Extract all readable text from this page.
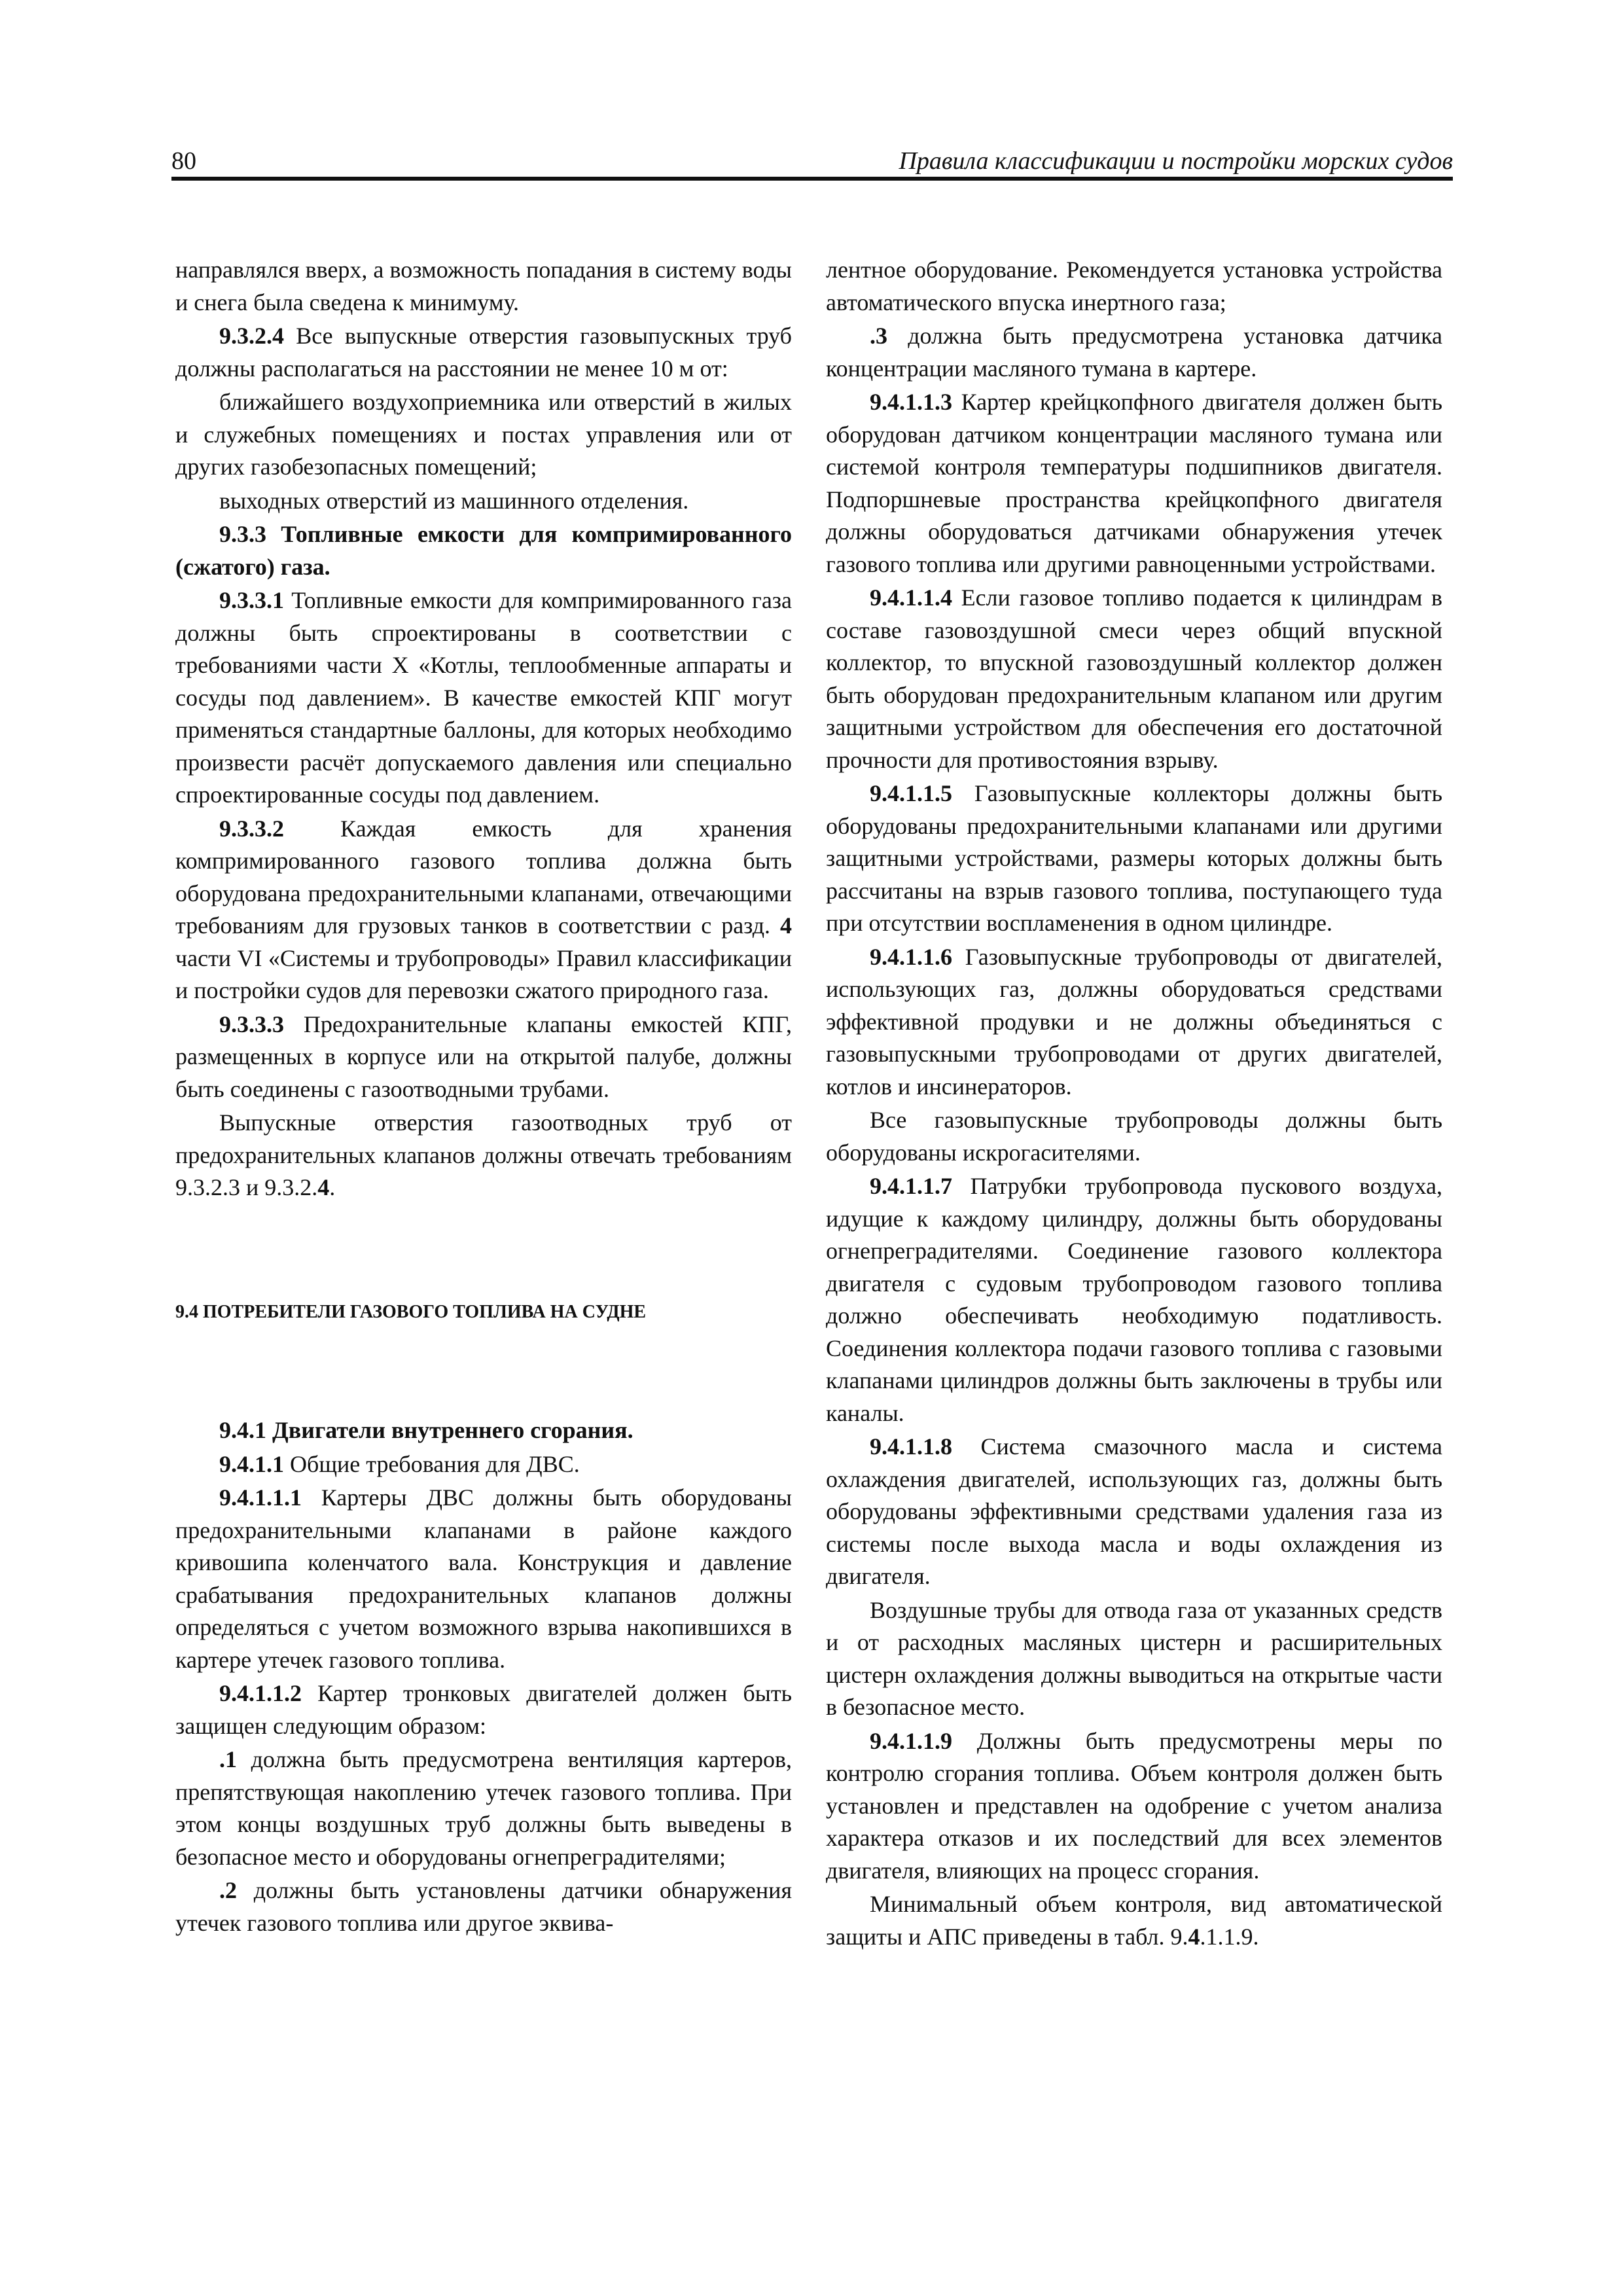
80	Правила классификации и постройки морских судов

направлялся вверх, а возможность попадания в систему воды и снега была сведена к минимуму.

9.3.2.4 Все выпускные отверстия газовыпускных труб должны располагаться на расстоянии не менее 10 м от:

ближайшего воздухоприемника или отверстий в жилых и служебных помещениях и постах управления или от других газобезопасных помещений;

выходных отверстий из машинного отделения.

9.3.3 Топливные емкости для компримированного (сжатого) газа.

9.3.3.1 Топливные емкости для компримированного газа должны быть спроектированы в соответствии с требованиями части X «Котлы, теплообменные аппараты и сосуды под давлением». В качестве емкостей КПГ могут применяться стандартные баллоны, для которых необходимо произвести расчёт допускаемого давления или специально спроектированные сосуды под давлением.

9.3.3.2 Каждая емкость для хранения компримированного газового топлива должна быть оборудована предохранительными клапанами, отвечающими требованиям для грузовых танков в соответствии с разд. 4 части VI «Системы и трубопроводы» Правил классификации и постройки судов для перевозки сжатого природного газа.

9.3.3.3 Предохранительные клапаны емкостей КПГ, размещенных в корпусе или на открытой палубе, должны быть соединены с газоотводными трубами.

Выпускные отверстия газоотводных труб от предохранительных клапанов должны отвечать требованиям 9.3.2.3 и 9.3.2.4.

9.4 ПОТРЕБИТЕЛИ ГАЗОВОГО ТОПЛИВА НА СУДНЕ

9.4.1 Двигатели внутреннего сгорания.

9.4.1.1 Общие требования для ДВС.

9.4.1.1.1 Картеры ДВС должны быть оборудованы предохранительными клапанами в районе каждого кривошипа коленчатого вала. Конструкция и давление срабатывания предохранительных клапанов должны определяться с учетом возможного взрыва накопившихся в картере утечек газового топлива.

9.4.1.1.2 Картер тронковых двигателей должен быть защищен следующим образом:

.1 должна быть предусмотрена вентиляция картеров, препятствующая накоплению утечек газового топлива. При этом концы воздушных труб должны быть выведены в безопасное место и оборудованы огнепреградителями;

.2 должны быть установлены датчики обнаружения утечек газового топлива или другое эквива-

лентное оборудование. Рекомендуется установка устройства автоматического впуска инертного газа;

.3 должна быть предусмотрена установка датчика концентрации масляного тумана в картере.

9.4.1.1.3 Картер крейцкопфного двигателя должен быть оборудован датчиком концентрации масляного тумана или системой контроля температуры подшипников двигателя. Подпоршневые пространства крейцкопфного двигателя должны оборудоваться датчиками обнаружения утечек газового топлива или другими равноценными устройствами.

9.4.1.1.4 Если газовое топливо подается к цилиндрам в составе газовоздушной смеси через общий впускной коллектор, то впускной газовоздушный коллектор должен быть оборудован предохранительным клапаном или другим защитными устройством для обеспечения его достаточной прочности для противостояния взрыву.

9.4.1.1.5 Газовыпускные коллекторы должны быть оборудованы предохранительными клапанами или другими защитными устройствами, размеры которых должны быть рассчитаны на взрыв газового топлива, поступающего туда при отсутствии воспламенения в одном цилиндре.

9.4.1.1.6 Газовыпускные трубопроводы от двигателей, использующих газ, должны оборудоваться средствами эффективной продувки и не должны объединяться с газовыпускными трубопроводами от других двигателей, котлов и инсинераторов.

Все газовыпускные трубопроводы должны быть оборудованы искрогасителями.

9.4.1.1.7 Патрубки трубопровода пускового воздуха, идущие к каждому цилиндру, должны быть оборудованы огнепреградителями. Соединение газового коллектора двигателя с судовым трубопроводом газового топлива должно обеспечивать необходимую податливость. Соединения коллектора подачи газового топлива с газовыми клапанами цилиндров должны быть заключены в трубы или каналы.

9.4.1.1.8 Система смазочного масла и система охлаждения двигателей, использующих газ, должны быть оборудованы эффективными средствами удаления газа из системы после выхода масла и воды охлаждения из двигателя.

Воздушные трубы для отвода газа от указанных средств и от расходных масляных цистерн и расширительных цистерн охлаждения должны выводиться на открытые части в безопасное место.

9.4.1.1.9 Должны быть предусмотрены меры по контролю сгорания топлива. Объем контроля должен быть установлен и представлен на одобрение с учетом анализа характера отказов и их последствий для всех элементов двигателя, влияющих на процесс сгорания.

Минимальный объем контроля, вид автоматической защиты и АПС приведены в табл. 9.4.1.1.9.
